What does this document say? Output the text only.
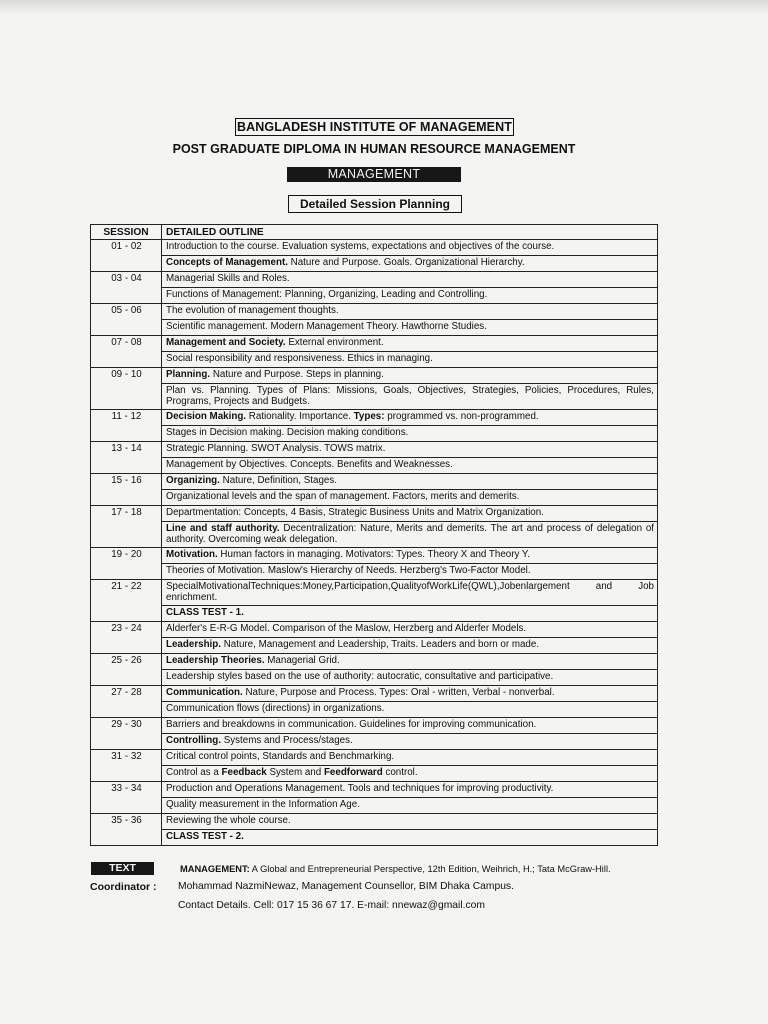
BANGLADESH INSTITUTE OF MANAGEMENT
POST GRADUATE DIPLOMA IN HUMAN RESOURCE MANAGEMENT
MANAGEMENT
Detailed Session Planning
SESSION	DETAILED OUTLINE
01 - 02	Introduction to the course. Evaluation systems, expectations and objectives of the course.
	Concepts of Management. Nature and Purpose. Goals. Organizational Hierarchy.
03 - 04	Managerial Skills and Roles.
	Functions of Management: Planning, Organizing, Leading and Controlling.
05 - 06	The evolution of management thoughts.
	Scientific management. Modern Management Theory. Hawthorne Studies.
07 - 08	Management and Society. External environment.
	Social responsibility and responsiveness. Ethics in managing.
09 - 10	Planning. Nature and Purpose. Steps in planning.
	Plan vs. Planning. Types of Plans: Missions, Goals, Objectives, Strategies, Policies, Procedures, Rules, Programs, Projects and Budgets.
11 - 12	Decision Making. Rationality. Importance. Types: programmed vs. non-programmed.
	Stages in Decision making. Decision making conditions.
13 - 14	Strategic Planning. SWOT Analysis. TOWS matrix.
	Management by Objectives. Concepts. Benefits and Weaknesses.
15 - 16	Organizing. Nature, Definition, Stages.
	Organizational levels and the span of management. Factors, merits and demerits.
17 - 18	Departmentation: Concepts, 4 Basis, Strategic Business Units and Matrix Organization.
	Line and staff authority. Decentralization: Nature, Merits and demerits. The art and process of delegation of authority. Overcoming weak delegation.
19 - 20	Motivation. Human factors in managing. Motivators: Types. Theory X and Theory Y.
	Theories of Motivation. Maslow's Hierarchy of Needs. Herzberg's Two-Factor Model.
21 - 22	SpecialMotivationalTechniques:Money,Participation,QualityofWorkLife(QWL),Jobenlargement and Job enrichment.
	CLASS TEST - 1.
23 - 24	Alderfer's E-R-G Model. Comparison of the Maslow, Herzberg and Alderfer Models.
	Leadership. Nature, Management and Leadership, Traits. Leaders and born or made.
25 - 26	Leadership Theories. Managerial Grid.
	Leadership styles based on the use of authority: autocratic, consultative and participative.
27 - 28	Communication. Nature, Purpose and Process. Types: Oral - written, Verbal - nonverbal.
	Communication flows (directions) in organizations.
29 - 30	Barriers and breakdowns in communication. Guidelines for improving communication.
	Controlling. Systems and Process/stages.
31 - 32	Critical control points, Standards and Benchmarking.
	Control as a Feedback System and Feedforward control.
33 - 34	Production and Operations Management. Tools and techniques for improving productivity.
	Quality measurement in the Information Age.
35 - 36	Reviewing the whole course.
	CLASS TEST - 2.
TEXT	MANAGEMENT: A Global and Entrepreneurial Perspective, 12th Edition, Weihrich, H.; Tata McGraw-Hill.
Coordinator : Mohammad NazmiNewaz, Management Counsellor, BIM Dhaka Campus.
Contact Details. Cell: 017 15 36 67 17. E-mail: nnewaz@gmail.com
